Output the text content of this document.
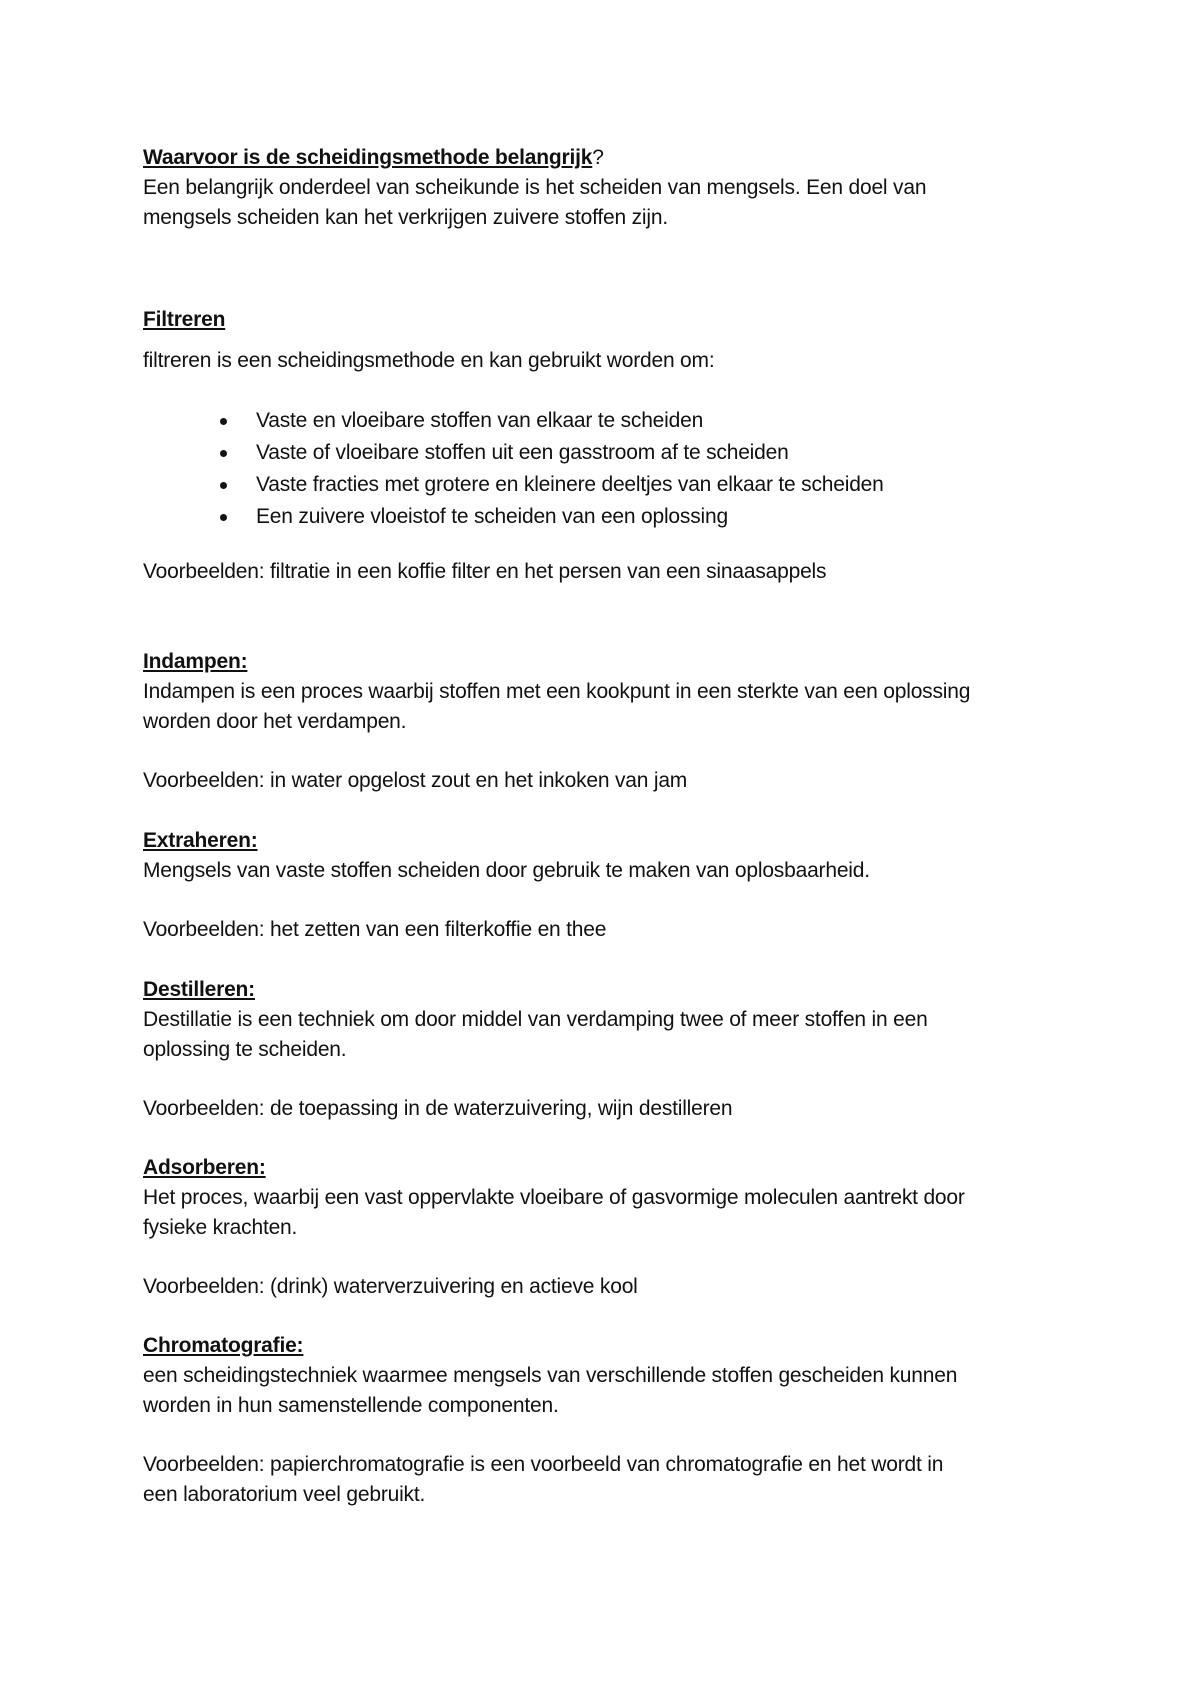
Waarvoor is de scheidingsmethode belangrijk?
Een belangrijk onderdeel van scheikunde is het scheiden van mengsels. Een doel van
mengsels scheiden kan het verkrijgen zuivere stoffen zijn.
Filtreren
filtreren is een scheidingsmethode en kan gebruikt worden om:
Vaste en vloeibare stoffen van elkaar te scheiden
Vaste of vloeibare stoffen uit een gasstroom af te scheiden
Vaste fracties met grotere en kleinere deeltjes van elkaar te scheiden
Een zuivere vloeistof te scheiden van een oplossing
Voorbeelden: filtratie in een koffie filter en het persen van een sinaasappels
Indampen:
Indampen is een proces waarbij stoffen met een kookpunt in een sterkte van een oplossing
worden door het verdampen.
Voorbeelden: in water opgelost zout en het inkoken van jam
Extraheren:
Mengsels van vaste stoffen scheiden door gebruik te maken van oplosbaarheid.
Voorbeelden: het zetten van een filterkoffie en thee
Destilleren:
Destillatie is een techniek om door middel van verdamping twee of meer stoffen in een
oplossing te scheiden.
Voorbeelden: de toepassing in de waterzuivering, wijn destilleren
Adsorberen:
Het proces, waarbij een vast oppervlakte vloeibare of gasvormige moleculen aantrekt door
fysieke krachten.
Voorbeelden: (drink) waterverzuivering en actieve kool
Chromatografie:
een scheidingstechniek waarmee mengsels van verschillende stoffen gescheiden kunnen
worden in hun samenstellende componenten.
Voorbeelden: papierchromatografie is een voorbeeld van chromatografie en het wordt in
een laboratorium veel gebruikt.
